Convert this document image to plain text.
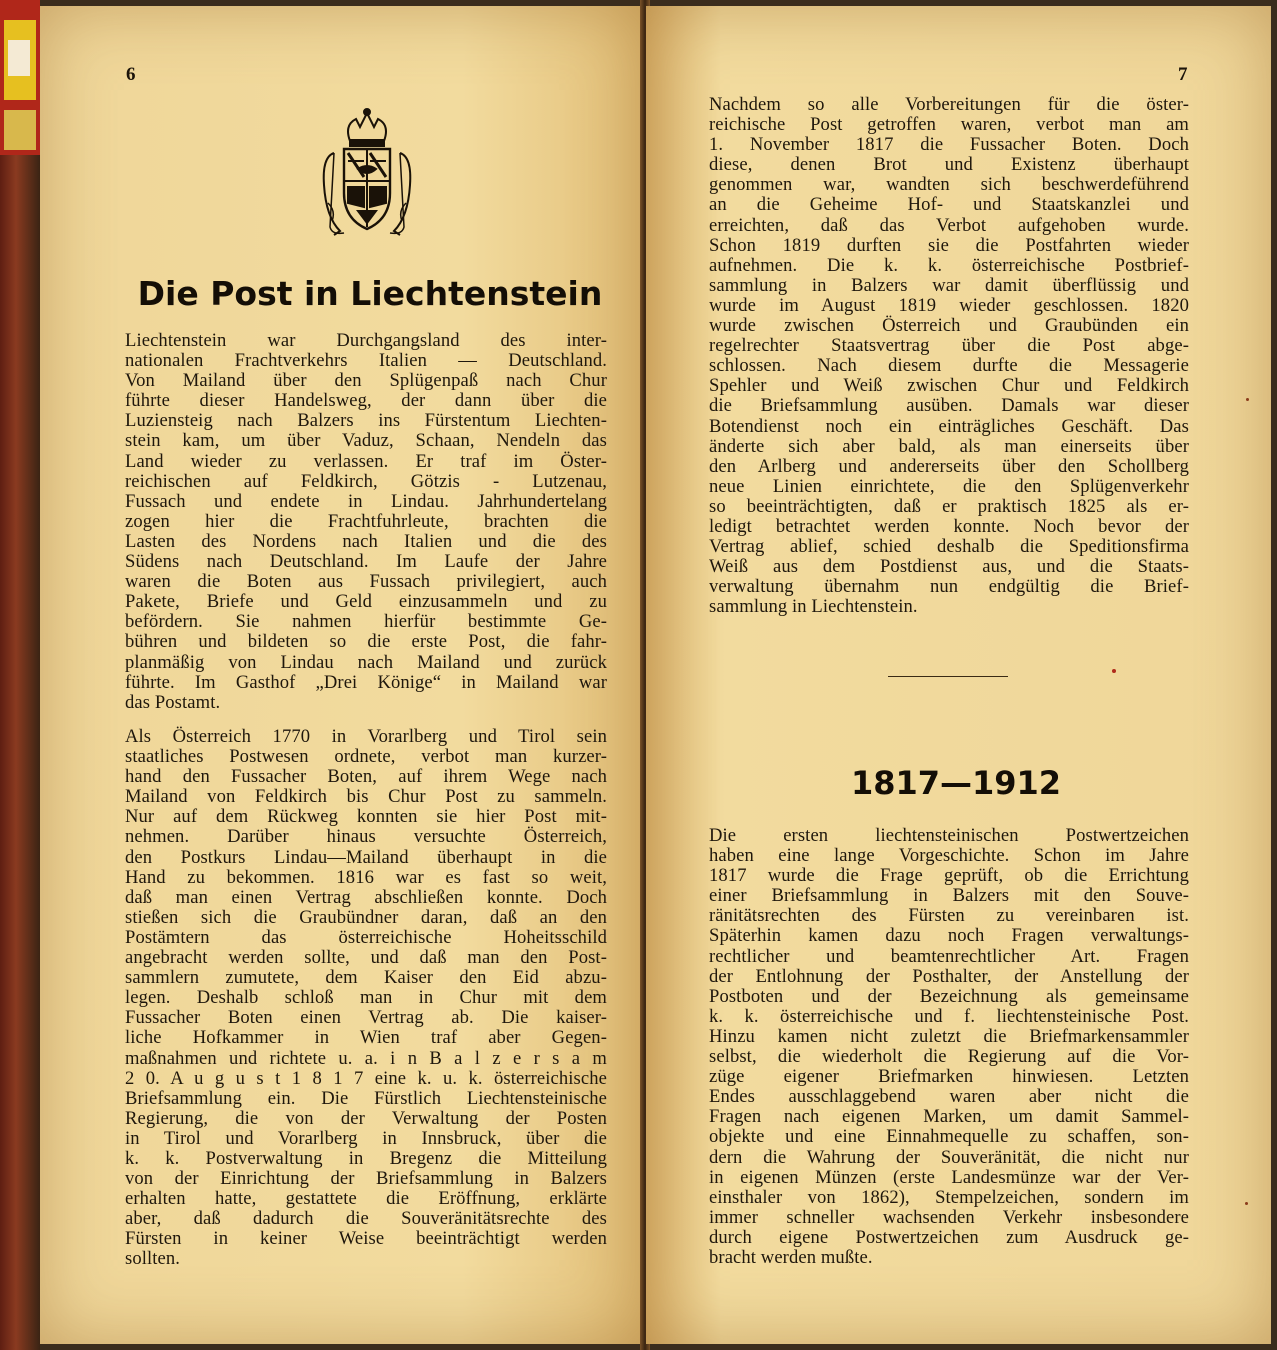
6
Die Post in Liechtenstein
Liechtenstein war Durchgangsland des inter-
nationalen Frachtverkehrs Italien — Deutschland.
Von Mailand über den Splügenpaß nach Chur
führte dieser Handelsweg, der dann über die
Luziensteig nach Balzers ins Fürstentum Liechten-
stein kam, um über Vaduz, Schaan, Nendeln das
Land wieder zu verlassen. Er traf im Öster-
reichischen auf Feldkirch, Götzis - Lutzenau,
Fussach und endete in Lindau. Jahrhundertelang
zogen hier die Frachtfuhrleute, brachten die
Lasten des Nordens nach Italien und die des
Südens nach Deutschland. Im Laufe der Jahre
waren die Boten aus Fussach privilegiert, auch
Pakete, Briefe und Geld einzusammeln und zu
befördern. Sie nahmen hierfür bestimmte Ge-
bühren und bildeten so die erste Post, die fahr-
planmäßig von Lindau nach Mailand und zurück
führte. Im Gasthof „Drei Könige“ in Mailand war
das Postamt.
Als Österreich 1770 in Vorarlberg und Tirol sein
staatliches Postwesen ordnete, verbot man kurzer-
hand den Fussacher Boten, auf ihrem Wege nach
Mailand von Feldkirch bis Chur Post zu sammeln.
Nur auf dem Rückweg konnten sie hier Post mit-
nehmen. Darüber hinaus versuchte Österreich,
den Postkurs Lindau—Mailand überhaupt in die
Hand zu bekommen. 1816 war es fast so weit,
daß man einen Vertrag abschließen konnte. Doch
stießen sich die Graubündner daran, daß an den
Postämtern das österreichische Hoheitsschild
angebracht werden sollte, und daß man den Post-
sammlern zumutete, dem Kaiser den Eid abzu-
legen. Deshalb schloß man in Chur mit dem
Fussacher Boten einen Vertrag ab. Die kaiser-
liche Hofkammer in Wien traf aber Gegen-
maßnahmen und richtete u. a. i n B a l z e r s a m
2 0. A u g u s t 1 8 1 7 eine k. u. k. österreichische
Briefsammlung ein. Die Fürstlich Liechtensteinische
Regierung, die von der Verwaltung der Posten
in Tirol und Vorarlberg in Innsbruck, über die
k. k. Postverwaltung in Bregenz die Mitteilung
von der Einrichtung der Briefsammlung in Balzers
erhalten hatte, gestattete die Eröffnung, erklärte
aber, daß dadurch die Souveränitätsrechte des
Fürsten in keiner Weise beeinträchtigt werden
sollten.
7
Nachdem so alle Vorbereitungen für die öster-
reichische Post getroffen waren, verbot man am
1. November 1817 die Fussacher Boten. Doch
diese, denen Brot und Existenz überhaupt
genommen war, wandten sich beschwerdeführend
an die Geheime Hof- und Staatskanzlei und
erreichten, daß das Verbot aufgehoben wurde.
Schon 1819 durften sie die Postfahrten wieder
aufnehmen. Die k. k. österreichische Postbrief-
sammlung in Balzers war damit überflüssig und
wurde im August 1819 wieder geschlossen. 1820
wurde zwischen Österreich und Graubünden ein
regelrechter Staatsvertrag über die Post abge-
schlossen. Nach diesem durfte die Messagerie
Spehler und Weiß zwischen Chur und Feldkirch
die Briefsammlung ausüben. Damals war dieser
Botendienst noch ein einträgliches Geschäft. Das
änderte sich aber bald, als man einerseits über
den Arlberg und andererseits über den Schollberg
neue Linien einrichtete, die den Splügenverkehr
so beeinträchtigten, daß er praktisch 1825 als er-
ledigt betrachtet werden konnte. Noch bevor der
Vertrag ablief, schied deshalb die Speditionsfirma
Weiß aus dem Postdienst aus, und die Staats-
verwaltung übernahm nun endgültig die Brief-
sammlung in Liechtenstein.
1817—1912
Die ersten liechtensteinischen Postwertzeichen
haben eine lange Vorgeschichte. Schon im Jahre
1817 wurde die Frage geprüft, ob die Errichtung
einer Briefsammlung in Balzers mit den Souve-
ränitätsrechten des Fürsten zu vereinbaren ist.
Späterhin kamen dazu noch Fragen verwaltungs-
rechtlicher und beamtenrechtlicher Art. Fragen
der Entlohnung der Posthalter, der Anstellung der
Postboten und der Bezeichnung als gemeinsame
k. k. österreichische und f. liechtensteinische Post.
Hinzu kamen nicht zuletzt die Briefmarkensammler
selbst, die wiederholt die Regierung auf die Vor-
züge eigener Briefmarken hinwiesen. Letzten
Endes ausschlaggebend waren aber nicht die
Fragen nach eigenen Marken, um damit Sammel-
objekte und eine Einnahmequelle zu schaffen, son-
dern die Wahrung der Souveränität, die nicht nur
in eigenen Münzen (erste Landesmünze war der Ver-
einsthaler von 1862), Stempelzeichen, sondern im
immer schneller wachsenden Verkehr insbesondere
durch eigene Postwertzeichen zum Ausdruck ge-
bracht werden mußte.
